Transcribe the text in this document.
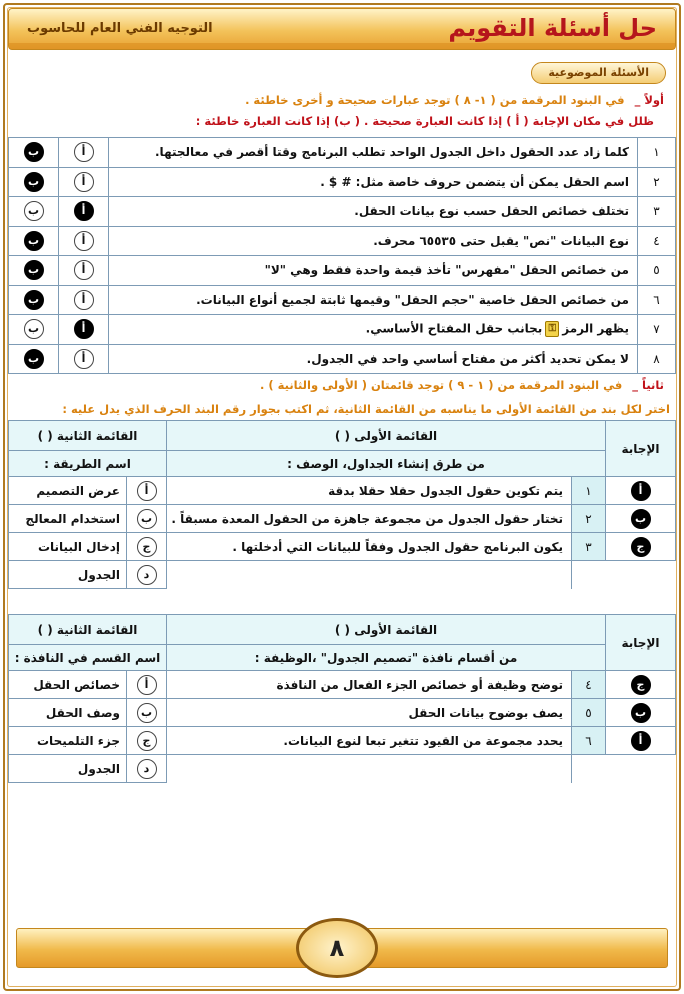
حل أسئلة التقويم
التوجيه الفني العام للحاسوب
الأسئلة الموضوعية
أولاً _ في البنود المرقمة من ( ١- ٨ ) توجد عبارات صحيحة و أخرى خاطئة .
ظلل في مكان الإجابة ( أ ) إذا كانت العبارة صحيحة . ( ب) إذا كانت العبارة خاطئة :
١	كلما زاد عدد الحقول داخل الجدول الواحد تطلب البرنامج وقتا أقصر في معالجتها.	أ	ب
٢	اسم الحقل يمكن أن يتضمن حروف خاصة مثل: # $ .	أ	ب
٣	تختلف خصائص الحقل حسب نوع بيانات الحقل.	أ	ب
٤	نوع البيانات "نص" يقبل حتى ٦٥٥٣٥ محرف.	أ	ب
٥	من خصائص الحقل "مفهرس" تأخذ قيمة واحدة فقط وهي "لا"	أ	ب
٦	من خصائص الحقل خاصية "حجم الحقل" وقيمها ثابتة لجميع أنواع البيانات.	أ	ب
٧	يظهر الرمز⚿بجانب حقل المفتاح الأساسي.	أ	ب
٨	لا يمكن تحديد أكثر من مفتاح أساسي واحد في الجدول.	أ	ب
ثانياً _ في البنود المرقمة من ( ١ - ٩ ) توجد قائمتان ( الأولى والثانية ) .
اختر لكل بند من القائمة الأولى ما يناسبه من القائمة الثانية، ثم اكتب بجوار رقم البند الحرف الذي يدل عليه :
الإجابة	القائمة الأولى ( )		القائمة الثانية ( )	
	من طرق إنشاء الجداول، الوصف :		اسم الطريقة :	
أ	١	يتم تكوين حقول الجدول حقلا حقلا بدقة	أ	عرض التصميم
ب	٢	تختار حقول الجدول من مجموعة جاهزة من الحقول المعدة مسبقاً .	ب	استخدام المعالج
ج	٣	يكون البرنامج حقول الجدول وفقاً للبيانات التي أدخلتها .	ج	إدخال البيانات
			د	الجدول
الإجابة	القائمة الأولى ( )		القائمة الثانية ( )	
	من أقسام نافذة "تصميم الجدول" ،الوظيفة :		اسم القسم في النافذة :	
ج	٤	توضح وظيفة أو خصائص الجزء الفعال من النافذة	أ	خصائص الحقل
ب	٥	يصف بوضوح بيانات الحقل	ب	وصف الحقل
أ	٦	يحدد مجموعة من القيود تتغير تبعا لنوع البيانات.	ج	جزء التلميحات
			د	الجدول
٨
